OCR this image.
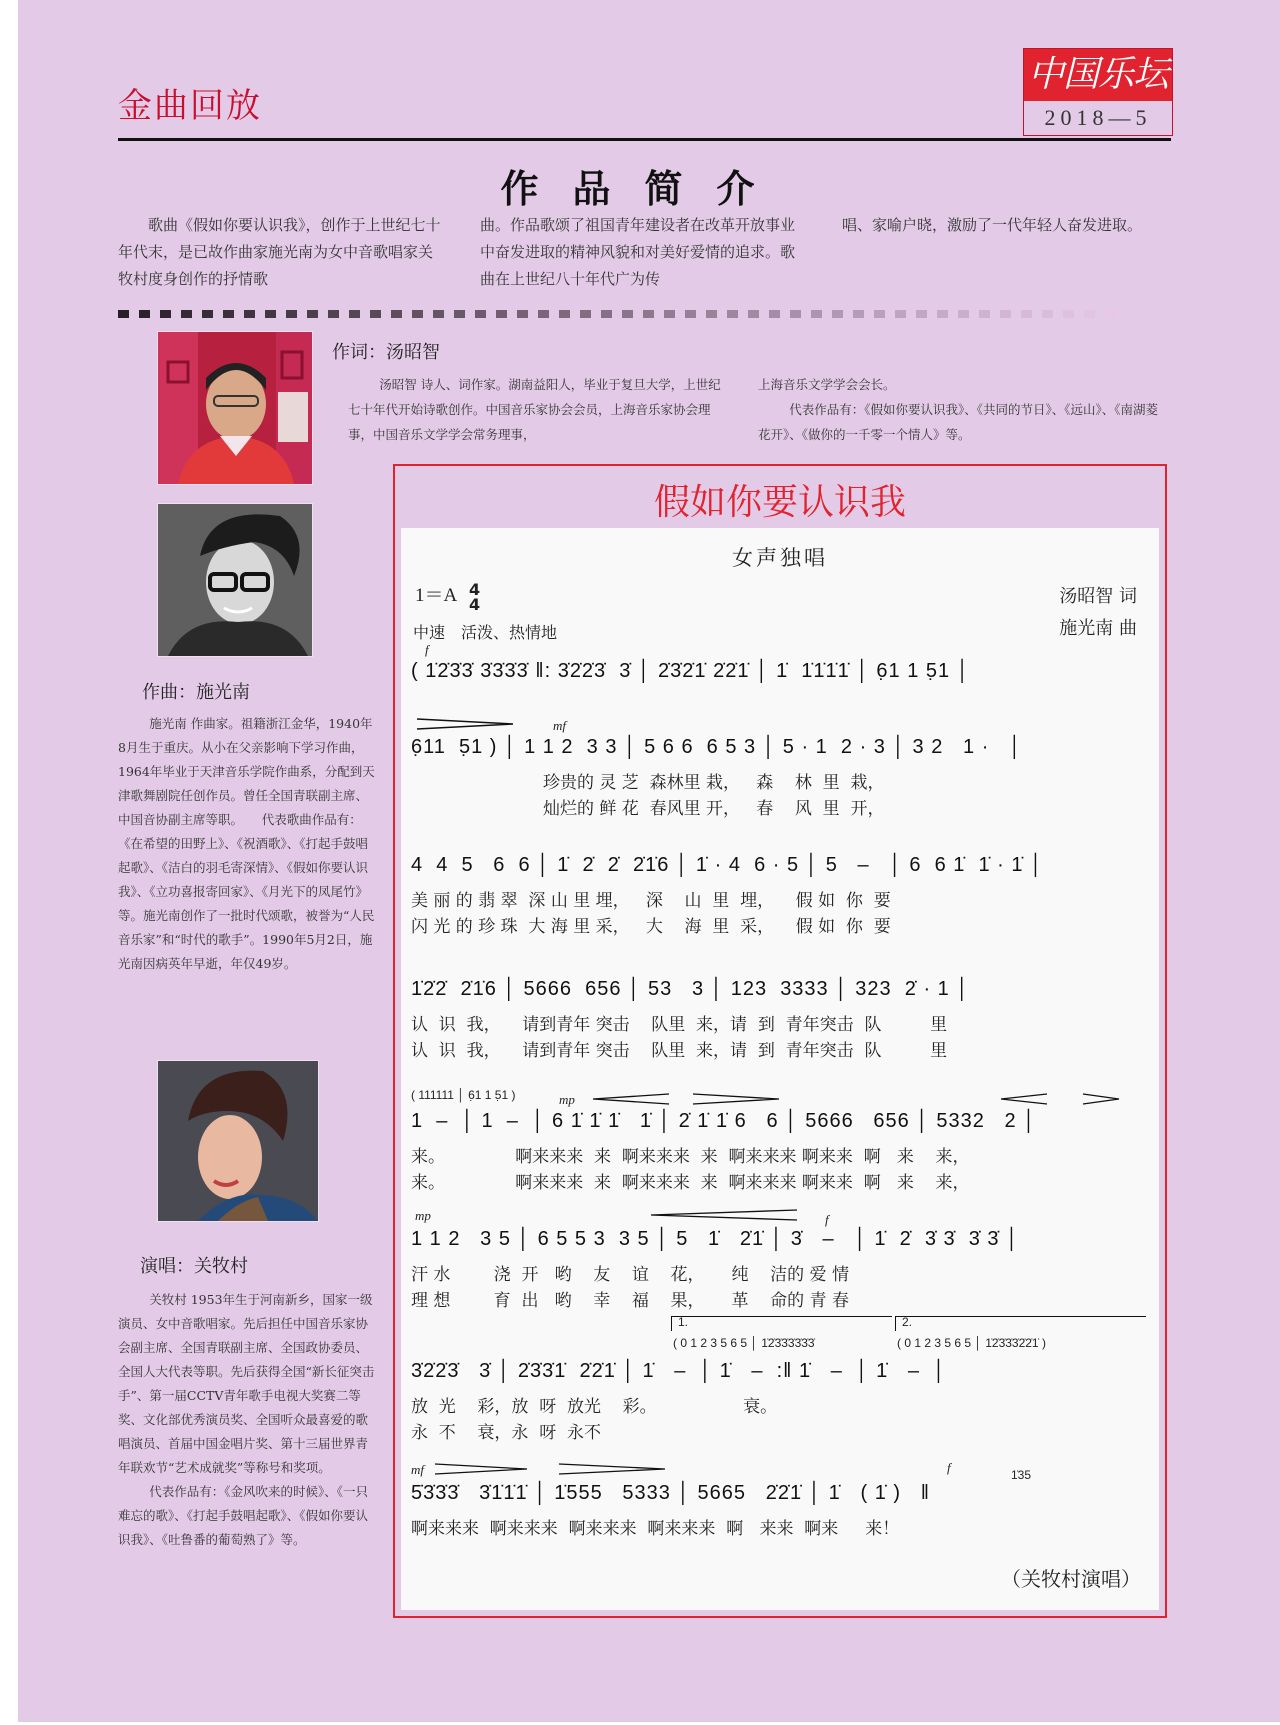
金曲回放
中国乐坛
2018—5
作品简介

歌曲《假如你要认识我》，创作于上世纪七十年代末，是已故作曲家施光南为女中音歌唱家关牧村度身创作的抒情歌

曲。作品歌颂了祖国青年建设者在改革开放事业中奋发进取的精神风貌和对美好爱情的追求。歌曲在上世纪八十年代广为传

唱、家喻户晓，激励了一代年轻人奋发进取。

作词：汤昭智

汤昭智 诗人、词作家。湖南益阳人，毕业于复旦大学，上世纪七十年代开始诗歌创作。中国音乐家协会会员，上海音乐家协会理事，中国音乐文学学会常务理事，

上海音乐文学学会会长。
代表作品有：《假如你要认识我》、《共同的节日》、《远山》、《南湖菱花开》、《做你的一千零一个情人》等。

作曲：施光南

施光南 作曲家。祖籍浙江金华，1940年8月生于重庆。从小在父亲影响下学习作曲，1964年毕业于天津音乐学院作曲系，分配到天津歌舞剧院任创作员。曾任全国青联副主席、中国音协副主席等职。　　代表歌曲作品有：《在希望的田野上》、《祝酒歌》、《打起手鼓唱起歌》、《洁白的羽毛寄深情》、《假如你要认识我》、《立功喜报寄回家》、《月光下的凤尾竹》等。施光南创作了一批时代颂歌，被誉为“人民音乐家”和“时代的歌手”。1990年5月2日，施光南因病英年早逝，年仅49岁。

演唱：关牧村

关牧村 1953年生于河南新乡，国家一级演员、女中音歌唱家。先后担任中国音乐家协会副主席、全国青联副主席、全国政协委员、全国人大代表等职。先后获得全国“新长征突击手”、第一届CCTV青年歌手电视大奖赛二等奖、文化部优秀演员奖、全国听众最喜爱的歌唱演员、首届中国金唱片奖、第十三届世界青年联欢节“艺术成就奖”等称号和奖项。

代表作品有：《金风吹来的时候》、《一只难忘的歌》、《打起手鼓唱起歌》、《假如你要认识我》、《吐鲁番的葡萄熟了》等。

假如你要认识我
女声独唱
1＝A 4
4
中速　活泼、热情地
汤昭智 词
施光南 曲
f
( 1̇2̇3̇3̇ 3̇3̇3̇3̇ ‖: 3̇2̇2̇3̇  3̇ │ 2̇3̇2̇1̇ 2̇2̇1̇ │ 1̇  1̇1̇1̇1̇ │ 6̣1 1 5̣1 │
mf
6̣11  5̣1 ) │ 1 1 2  3 3 │ 5 6 6  6 5 3 │ 5 · 1  2 · 3 │ 3 2   1 ·   │
珍贵的 灵 芝  森林里 栽，   森    林  里  栽，
灿烂的 鲜 花  春风里 开，   春    风  里  开，
4  4  5   6  6 │ 1̇  2̇  2̇  2̇1̇6 │ 1̇ · 4  6 · 5 │ 5   –   │ 6  6 1̇  1̇ · 1̇ │
美 丽 的 翡 翠  深 山 里 埋，   深    山  里  埋，    假 如  你  要
闪 光 的 珍 珠  大 海 里 采，   大    海  里  采，    假 如  你  要
1̇2̇2̇  2̇1̇6 │ 5666  656 │ 53   3 │ 123  3333 │ 323  2̇ · 1 │
认  识  我，    请到青年 突击    队里  来，请  到  青年突击  队         里
认  识  我，    请到青年 突击    队里  来，请  到  青年突击  队         里
( 111111 │ 6̣1 1 5̣1 )	mp
1  –  │ 1  –  │ 6 1̇ 1̇ 1̇   1̇ │ 2̇ 1̇ 1̇ 6   6 │ 5666   656 │ 5332   2 │
来。             啊来来来  来  啊来来来  来  啊来来来 啊来来  啊   来    来，
来。             啊来来来  来  啊来来来  来  啊来来来 啊来来  啊   来    来，
mp	f
1 1 2   3 5 │ 6 5 5 3  3 5 │ 5   1̇   2̇1̇ │ 3̇   –   │ 1̇  2̇  3̇ 3̇  3̇ 3̇ │
汗 水        浇  开   哟    友    谊    花，     纯    洁的 爱 情
理 想        育  出   哟    幸    福    果，     革    命的 青 春
1.	2.
( 0 1 2 3 5 6 5 │ 1̇2̇3̇3̇3̇3̇3̇3̇	( 0 1 2 3 5 6 5 │ 1̇2̇3̇3̇3̇2̇2̇1̇ )
3̇2̇2̇3̇   3̇ │ 2̇3̇3̇1̇  2̇2̇1̇ │ 1̇   –  │ 1̇   –  :‖ 1̇   –  │ 1̇   –  │
放  光    彩，放  呀  放光    彩。                衰。
永  不    衰，永  呀  永不
mf	f	1̇35
5̇3̇3̇3̇   3̇1̇1̇1̇ │ 1̇555   5333 │ 5665   2̇2̇1̇ │ 1̇   ( 1̇ )   ‖
啊来来来  啊来来来  啊来来来  啊来来来  啊   来来  啊来     来！
（关牧村演唱）
